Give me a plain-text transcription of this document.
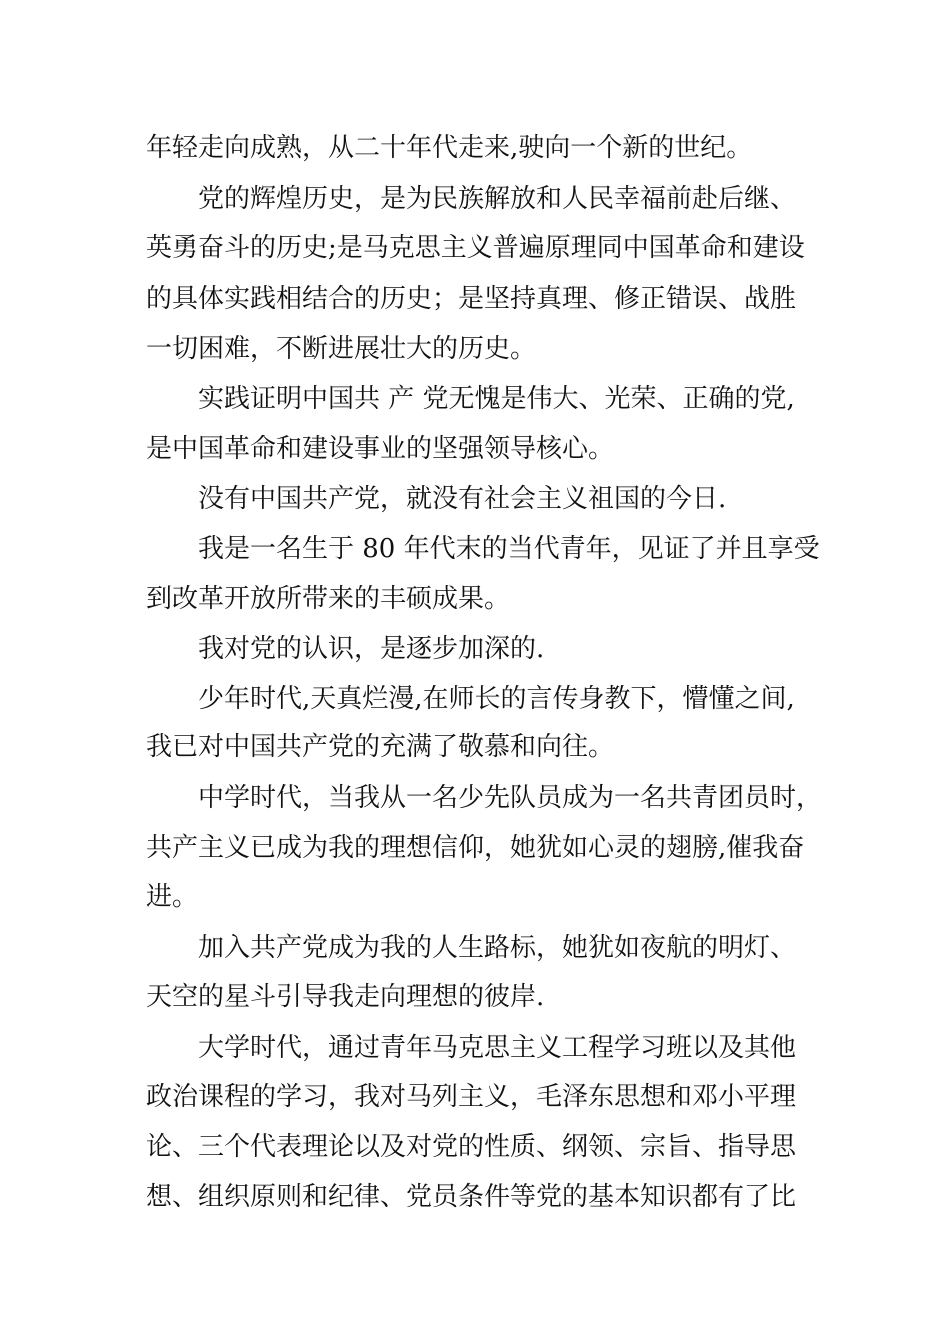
年轻走向成熟，从二十年代走来,驶向一个新的世纪。
党的辉煌历史，是为民族解放和人民幸福前赴后继、
英勇奋斗的历史;是马克思主义普遍原理同中国革命和建设
的具体实践相结合的历史；是坚持真理、修正错误、战胜
一切困难，不断进展壮大的历史。
实践证明中国共 产 党无愧是伟大、光荣、正确的党,
是中国革命和建设事业的坚强领导核心。
没有中国共产党，就没有社会主义祖国的今日.
我是一名生于 80 年代末的当代青年，见证了并且享受
到改革开放所带来的丰硕成果。
我对党的认识，是逐步加深的.
少年时代,天真烂漫,在师长的言传身教下，懵懂之间,
我已对中国共产党的充满了敬慕和向往。
中学时代，当我从一名少先队员成为一名共青团员时，
共产主义已成为我的理想信仰，她犹如心灵的翅膀,催我奋
进。
加入共产党成为我的人生路标，她犹如夜航的明灯、
天空的星斗引导我走向理想的彼岸.
大学时代，通过青年马克思主义工程学习班以及其他
政治课程的学习，我对马列主义，毛泽东思想和邓小平理
论、三个代表理论以及对党的性质、纲领、宗旨、指导思
想、组织原则和纪律、党员条件等党的基本知识都有了比
